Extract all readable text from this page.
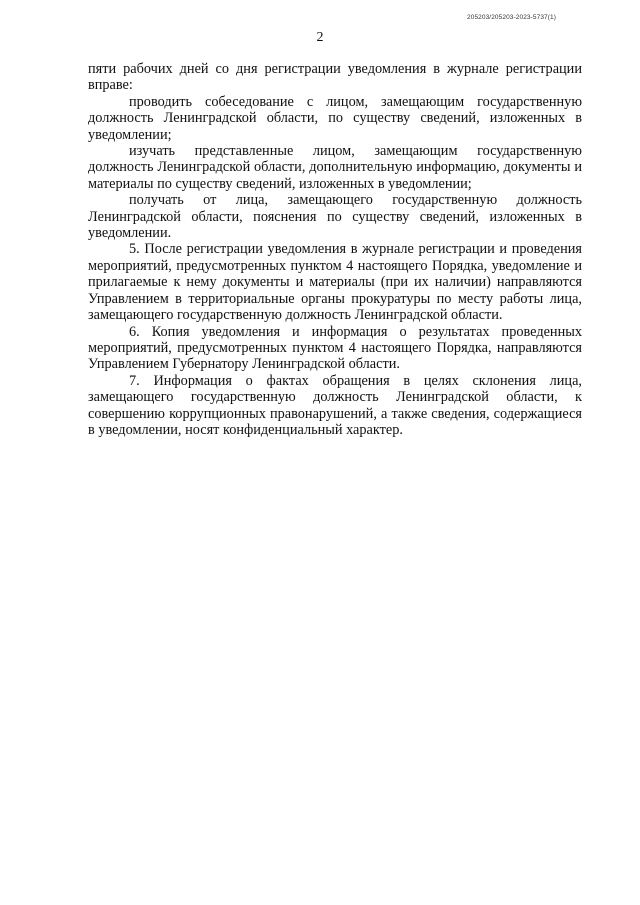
205203/205203-2023-5737(1)
2

пяти рабочих дней со дня регистрации уведомления в журнале регистрации вправе:

проводить собеседование с лицом, замещающим государственную должность Ленинградской области, по существу сведений, изложенных в уведомлении;

изучать представленные лицом, замещающим государственную должность Ленинградской области, дополнительную информацию, документы и материалы по существу сведений, изложенных в уведомлении;

получать от лица, замещающего государственную должность Ленинградской области, пояснения по существу сведений, изложенных в уведомлении.

5. После регистрации уведомления в журнале регистрации и проведения мероприятий, предусмотренных пунктом 4 настоящего Порядка, уведомление и прилагаемые к нему документы и материалы (при их наличии) направляются Управлением в территориальные органы прокуратуры по месту работы лица, замещающего государственную должность Ленинградской области.

6. Копия уведомления и информация о результатах проведенных мероприятий, предусмотренных пунктом 4 настоящего Порядка, направляются Управлением Губернатору Ленинградской области.

7. Информация о фактах обращения в целях склонения лица, замещающего государственную должность Ленинградской области, к совершению коррупционных правонарушений, а также сведения, содержащиеся в уведомлении, носят конфиденциальный характер.
